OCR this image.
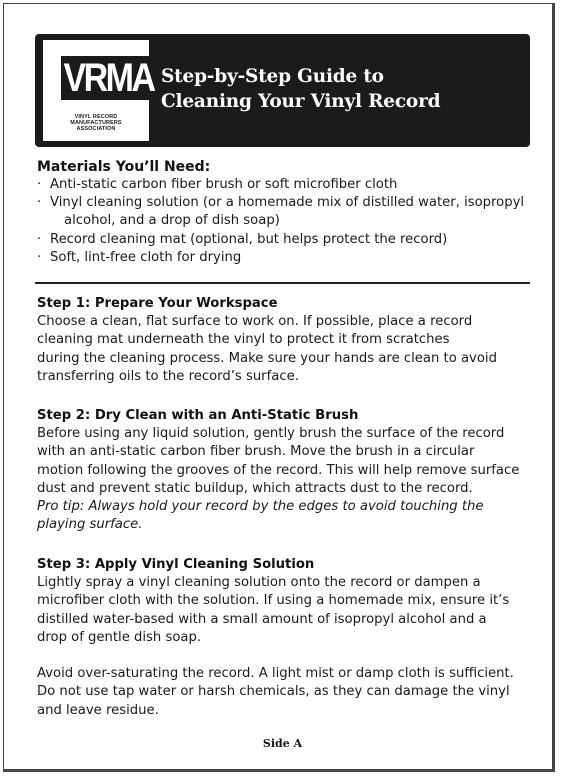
VRMA
VINYL RECORD
MANUFACTURERS
ASSOCIATION
Step-by-Step Guide to
Cleaning Your Vinyl Record

Materials You’ll Need:

· Anti-static carbon fiber brush or soft microfiber cloth
· Vinyl cleaning solution (or a homemade mix of distilled water, isopropyl
alcohol, and a drop of dish soap)
· Record cleaning mat (optional, but helps protect the record)
· Soft, lint-free cloth for drying

Step 1: Prepare Your Workspace

Choose a clean, flat surface to work on. If possible, place a record

cleaning mat underneath the vinyl to protect it from scratches

during the cleaning process. Make sure your hands are clean to avoid

transferring oils to the record’s surface.

Step 2: Dry Clean with an Anti-Static Brush

Before using any liquid solution, gently brush the surface of the record

with an anti-static carbon fiber brush. Move the brush in a circular

motion following the grooves of the record. This will help remove surface

dust and prevent static buildup, which attracts dust to the record.

Pro tip: Always hold your record by the edges to avoid touching the

playing surface.

Step 3: Apply Vinyl Cleaning Solution

Lightly spray a vinyl cleaning solution onto the record or dampen a

microfiber cloth with the solution. If using a homemade mix, ensure it’s

distilled water-based with a small amount of isopropyl alcohol and a

drop of gentle dish soap.

Avoid over-saturating the record. A light mist or damp cloth is sufficient.

Do not use tap water or harsh chemicals, as they can damage the vinyl

and leave residue.

Side A
